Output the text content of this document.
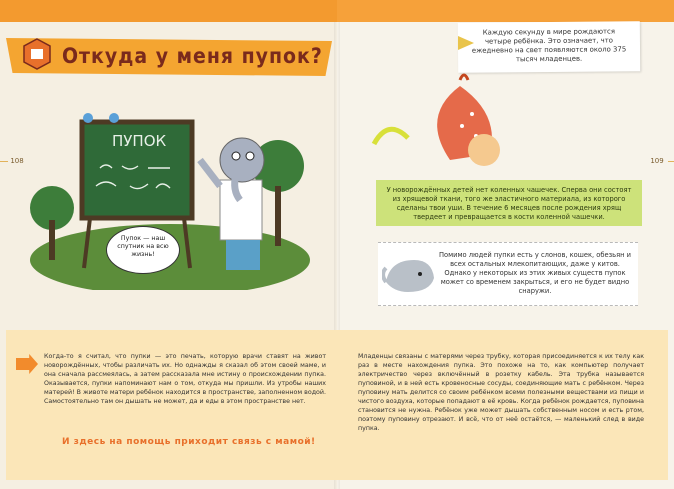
Откуда у меня пупок?
108	109
ПУПОК
Пупок — наш спутник на всю жизнь!
Каждую секунду в мире рождаются четыре ребёнка. Это означает, что ежедневно на свет появляются около 375 тысяч младенцев.
У новорождённых детей нет коленных чашечек. Сперва они состоят из хрящевой ткани, того же эластичного материала, из которого сделаны твои уши. В течение 6 месяцев после рождения хрящ твердеет и превращается в кости коленной чашечки.
Помимо людей пупки есть у слонов, кошек, обезьян и всех остальных млекопитающих, даже у китов. Однако у некоторых из этих живых существ пупок может со временем закрыться, и его не будет видно снаружи.
Когда-то я считал, что пупки — это печать, которую врачи ставят на живот новорождённых, чтобы различать их. Но однажды я сказал об этом своей маме, и она сначала рассмеялась, а затем рассказала мне истину о происхождении пупка. Оказывается, пупки напоминают нам о том, откуда мы пришли. Из утробы наших матерей! В животе матери ребёнок находится в пространстве, заполненном водой. Самостоятельно там он дышать не может, да и еды в этом пространстве нет.
И здесь на помощь приходит связь с мамой!
Младенцы связаны с матерями через трубку, которая присоединяется к их телу как раз в месте нахождения пупка. Это похоже на то, как компьютер получает электричество через включённый в розетку кабель. Эта трубка называется пуповиной, и в ней есть кровеносные сосуды, соединяющие мать с ребёнком. Через пуповину мать делится со своим ребёнком всеми полезными веществами из пищи и чистого воздуха, которые попадают в её кровь. Когда ребёнок рождается, пуповина становится не нужна. Ребёнок уже может дышать собственным носом и есть ртом, поэтому пуповину отрезают. И всё, что от неё остаётся, — маленький след в виде пупка.
